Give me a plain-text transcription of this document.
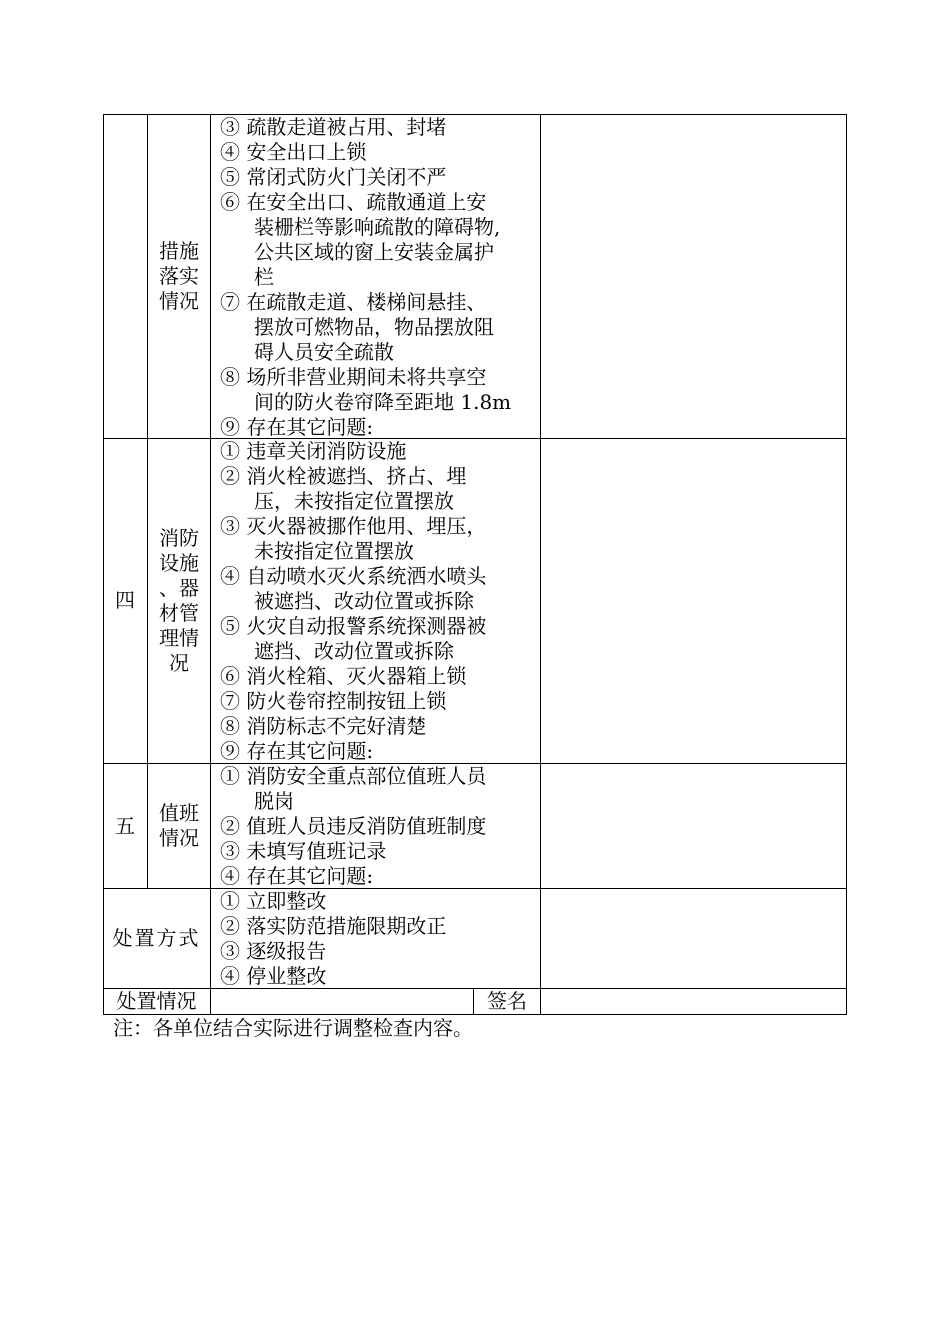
措施
落实
情况
③ 疏散走道被占用、封堵
④ 安全出口上锁
⑤ 常闭式防火门关闭不严
⑥ 在安全出口、疏散通道上安
装栅栏等影响疏散的障碍物,
公共区域的窗上安装金属护
栏
⑦ 在疏散走道、楼梯间悬挂、
摆放可燃物品，物品摆放阻
碍人员安全疏散
⑧ 场所非营业期间未将共享空
间的防火卷帘降至距地 1.8m
⑨ 存在其它问题:
四
消防
设施
、器
材管
理情
况
① 违章关闭消防设施
② 消火栓被遮挡、挤占、埋
压，未按指定位置摆放
③ 灭火器被挪作他用、埋压，
未按指定位置摆放
④ 自动喷水灭火系统洒水喷头
被遮挡、改动位置或拆除
⑤ 火灾自动报警系统探测器被
遮挡、改动位置或拆除
⑥ 消火栓箱、灭火器箱上锁
⑦ 防火卷帘控制按钮上锁
⑧ 消防标志不完好清楚
⑨ 存在其它问题:
五
值班
情况
① 消防安全重点部位值班人员
脱岗
② 值班人员违反消防值班制度
③ 未填写值班记录
④ 存在其它问题:
处置方式
① 立即整改
② 落实防范措施限期改正
③ 逐级报告
④ 停业整改
处置情况	签名
注：各单位结合实际进行调整检查内容。
